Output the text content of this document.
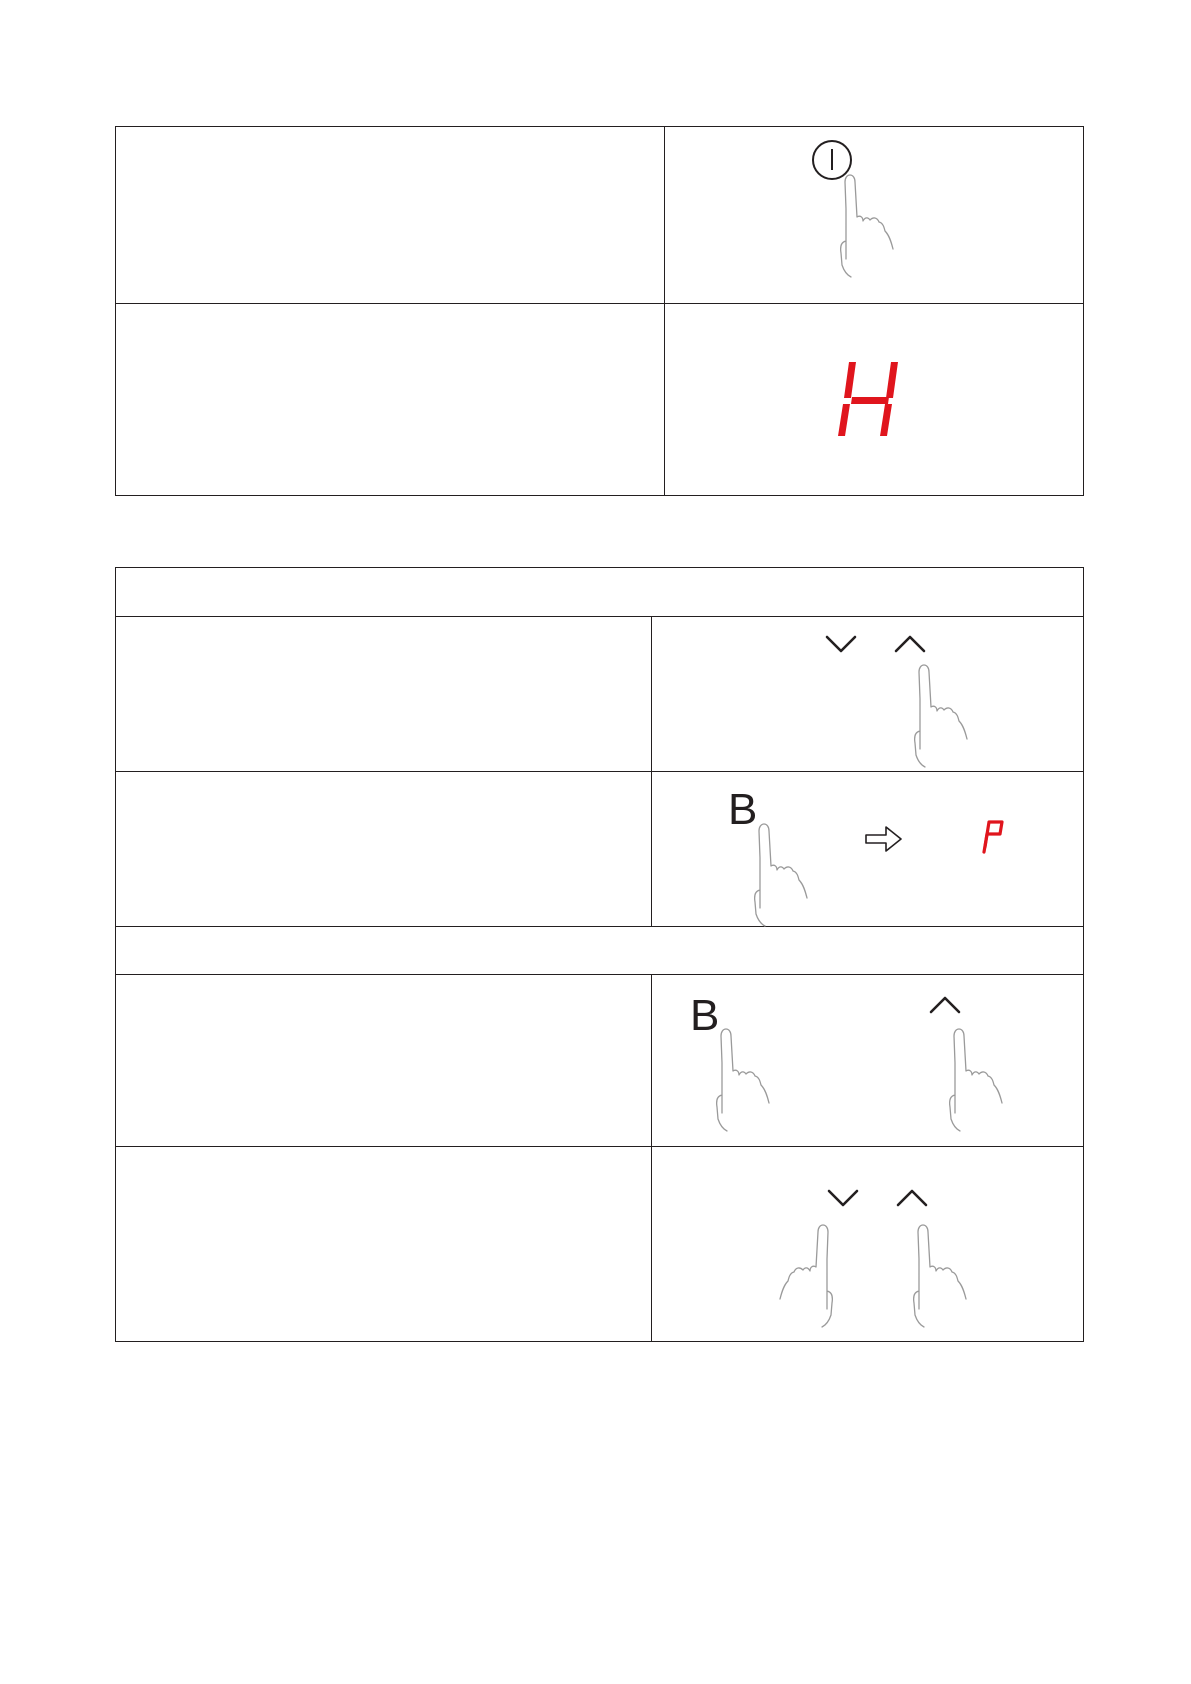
B

B
